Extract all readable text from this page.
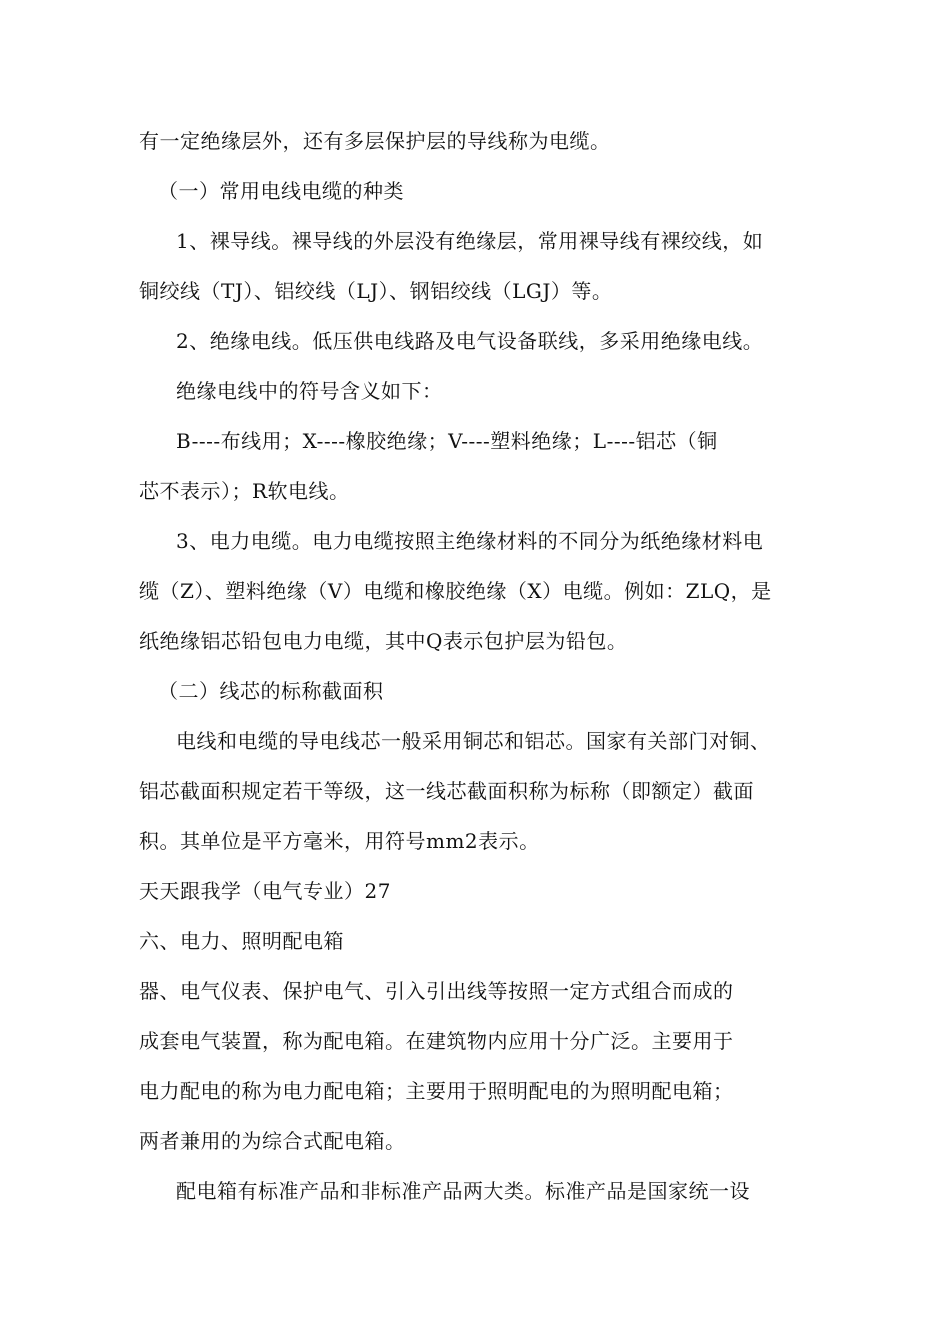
有一定绝缘层外，还有多层保护层的导线称为电缆。
（一）常用电线电缆的种类
1、裸导线。裸导线的外层没有绝缘层，常用裸导线有裸绞线，如
铜绞线（TJ）、铝绞线（LJ）、钢铝绞线（LGJ）等。
2、绝缘电线。低压供电线路及电气设备联线，多采用绝缘电线。
绝缘电线中的符号含义如下：
B----布线用；X----橡胶绝缘；V----塑料绝缘；L----铝芯（铜
芯不表示）；R软电线。
3、电力电缆。电力电缆按照主绝缘材料的不同分为纸绝缘材料电
缆（Z）、塑料绝缘（V）电缆和橡胶绝缘（X）电缆。例如：ZLQ，是
纸绝缘铝芯铅包电力电缆，其中Q表示包护层为铅包。
（二）线芯的标称截面积
电线和电缆的导电线芯一般采用铜芯和铝芯。国家有关部门对铜、
铝芯截面积规定若干等级，这一线芯截面积称为标称（即额定）截面
积。其单位是平方毫米，用符号mm2表示。
天天跟我学（电气专业）27
六、电力、照明配电箱
器、电气仪表、保护电气、引入引出线等按照一定方式组合而成的
成套电气装置，称为配电箱。在建筑物内应用十分广泛。主要用于
电力配电的称为电力配电箱；主要用于照明配电的为照明配电箱；
两者兼用的为综合式配电箱。
配电箱有标准产品和非标准产品两大类。标准产品是国家统一设
